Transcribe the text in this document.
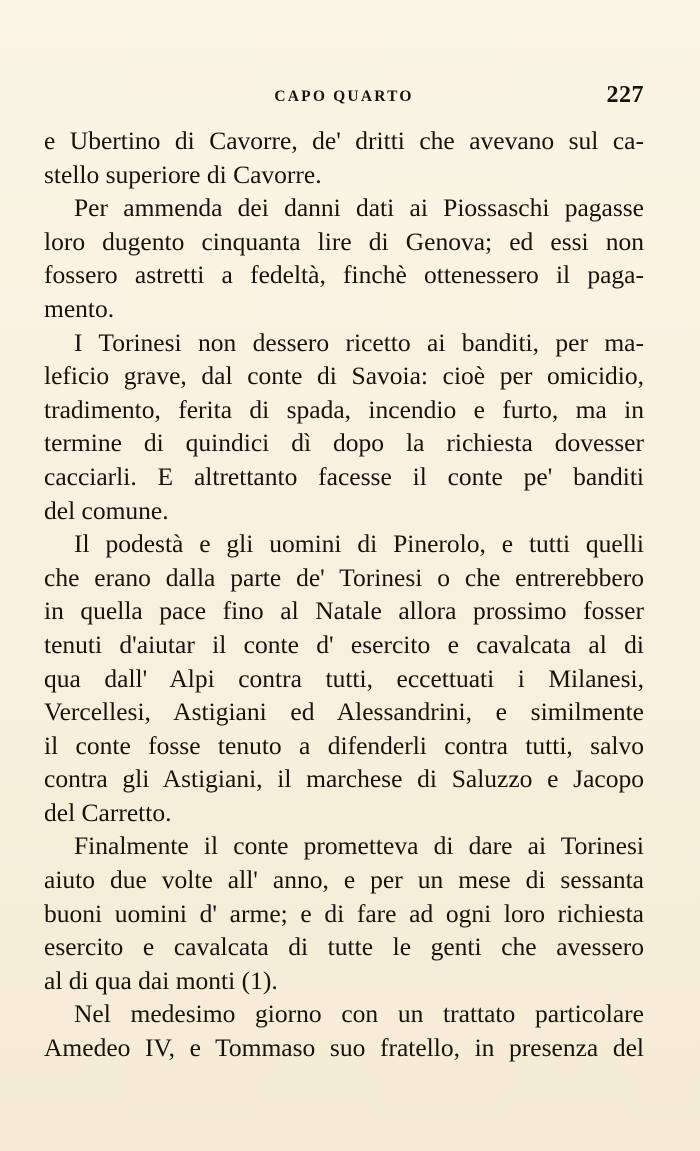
CAPO QUARTO	227
e Ubertino di Cavorre, de' dritti che avevano sul ca-
stello superiore di Cavorre.
Per ammenda dei danni dati ai Piossaschi pagasse
loro dugento cinquanta lire di Genova; ed essi non
fossero astretti a fedeltà, finchè ottenessero il paga-
mento.
I Torinesi non dessero ricetto ai banditi, per ma-
leficio grave, dal conte di Savoia: cioè per omicidio,
tradimento, ferita di spada, incendio e furto, ma in
termine di quindici dì dopo la richiesta dovesser
cacciarli. E altrettanto facesse il conte pe' banditi
del comune.
Il podestà e gli uomini di Pinerolo, e tutti quelli
che erano dalla parte de' Torinesi o che entrerebbero
in quella pace fino al Natale allora prossimo fosser
tenuti d'aiutar il conte d' esercito e cavalcata al di
qua dall' Alpi contra tutti, eccettuati i Milanesi,
Vercellesi, Astigiani ed Alessandrini, e similmente
il conte fosse tenuto a difenderli contra tutti, salvo
contra gli Astigiani, il marchese di Saluzzo e Jacopo
del Carretto.
Finalmente il conte prometteva di dare ai Torinesi
aiuto due volte all' anno, e per un mese di sessanta
buoni uomini d' arme; e di fare ad ogni loro richiesta
esercito e cavalcata di tutte le genti che avessero
al di qua dai monti (1).
Nel medesimo giorno con un trattato particolare
Amedeo IV, e Tommaso suo fratello, in presenza del
